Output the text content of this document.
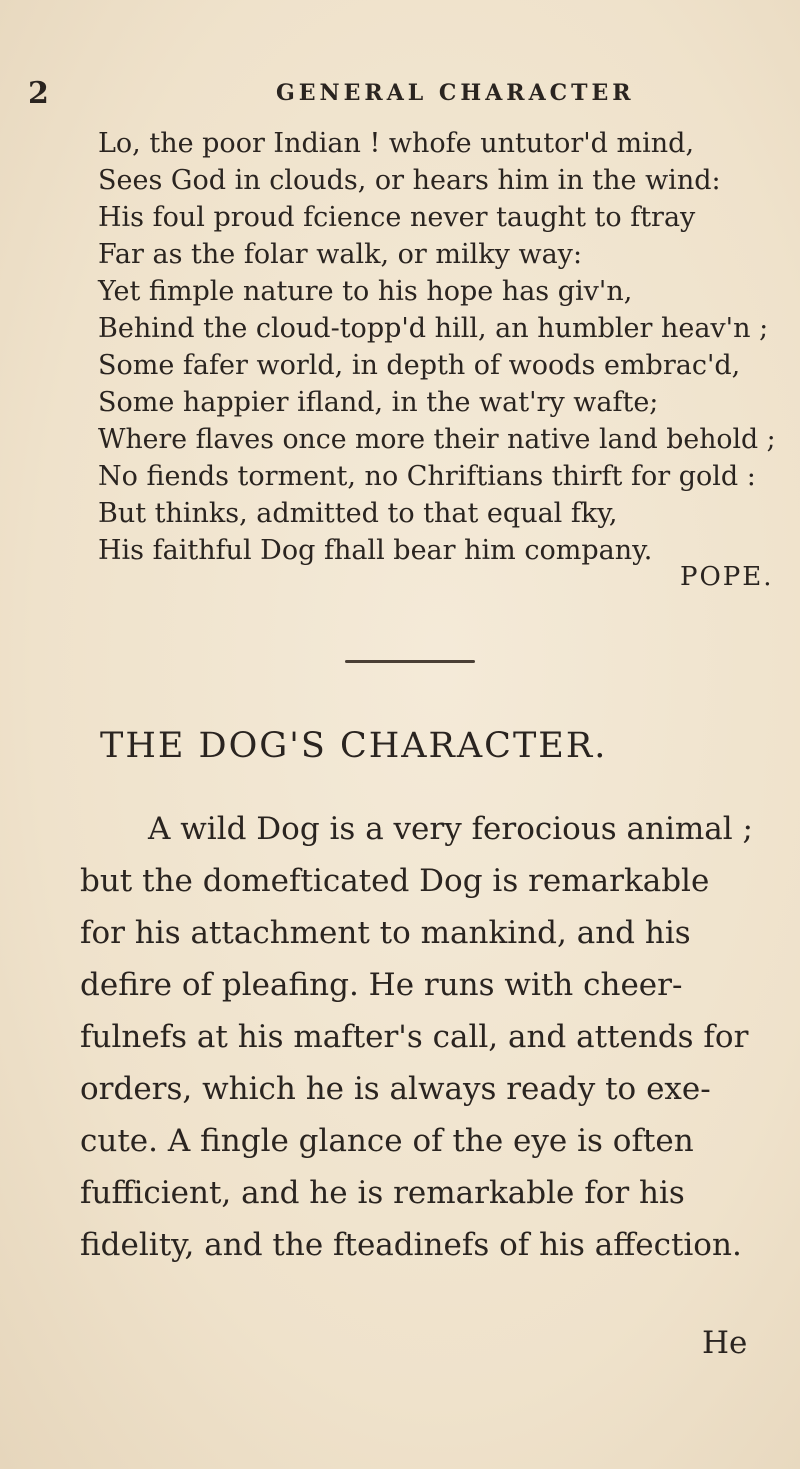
2	GENERAL CHARACTER
Lo, the poor Indian ! whofe untutor'd mind,
Sees God in clouds, or hears him in the wind:
His foul proud fcience never taught to ftray
Far as the folar walk, or milky way:
Yet fimple nature to his hope has giv'n,
Behind the cloud-topp'd hill, an humbler heav'n ;
Some fafer world, in depth of woods embrac'd,
Some happier ifland, in the wat'ry wafte;
Where flaves once more their native land behold ;
No fiends torment, no Chriftians thirft for gold :
But thinks, admitted to that equal fky,
His faithful Dog fhall bear him company.
POPE.
THE DOG'S CHARACTER.
A wild Dog is a very ferocious animal ;
but the domefticated Dog is remarkable
for his attachment to mankind, and his
defire of pleafing. He runs with cheer-
fulnefs at his mafter's call, and attends for
orders, which he is always ready to exe-
cute. A fingle glance of the eye is often
fufficient, and he is remarkable for his
fidelity, and the fteadinefs of his affection.
He
